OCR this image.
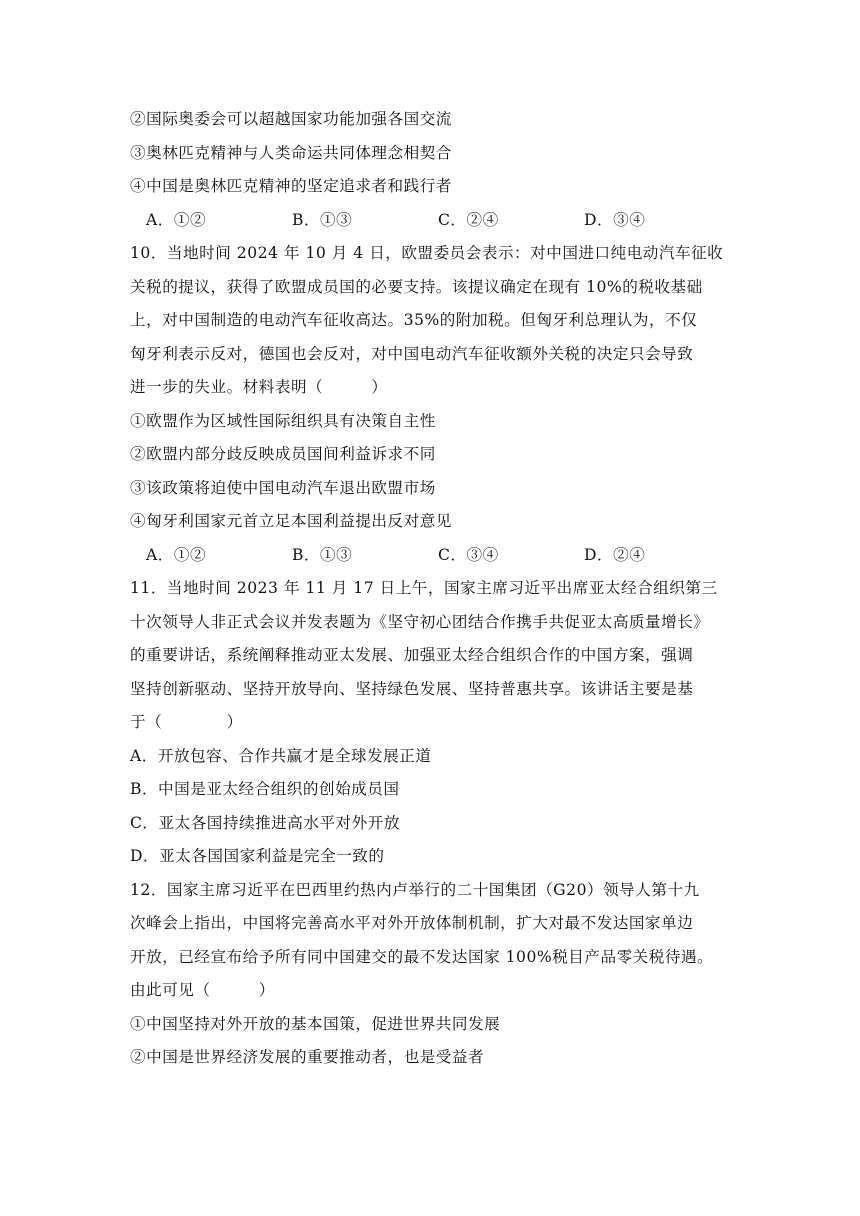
②国际奥委会可以超越国家功能加强各国交流
③奥林匹克精神与人类命运共同体理念相契合
④中国是奥林匹克精神的坚定追求者和践行者
A．①②	B．①③	C．②④	D．③④
10．当地时间 2024 年 10 月 4 日，欧盟委员会表示：对中国进口纯电动汽车征收
关税的提议，获得了欧盟成员国的必要支持。该提议确定在现有 10%的税收基础
上，对中国制造的电动汽车征收高达。35%的附加税。但匈牙利总理认为，不仅
匈牙利表示反对，德国也会反对，对中国电动汽车征收额外关税的决定只会导致
进一步的失业。材料表明（　　　）
①欧盟作为区域性国际组织具有决策自主性
②欧盟内部分歧反映成员国间利益诉求不同
③该政策将迫使中国电动汽车退出欧盟市场
④匈牙利国家元首立足本国利益提出反对意见
A．①②	B．①③	C．③④	D．②④
11．当地时间 2023 年 11 月 17 日上午，国家主席习近平出席亚太经合组织第三
十次领导人非正式会议并发表题为《坚守初心团结合作携手共促亚太高质量增长》
的重要讲话，系统阐释推动亚太发展、加强亚太经合组织合作的中国方案，强调
坚持创新驱动、坚持开放导向、坚持绿色发展、坚持普惠共享。该讲话主要是基
于（　　　　）
A．开放包容、合作共赢才是全球发展正道
B．中国是亚太经合组织的创始成员国
C．亚太各国持续推进高水平对外开放
D．亚太各国国家利益是完全一致的
12．国家主席习近平在巴西里约热内卢举行的二十国集团（G20）领导人第十九
次峰会上指出，中国将完善高水平对外开放体制机制，扩大对最不发达国家单边
开放，已经宣布给予所有同中国建交的最不发达国家 100%税目产品零关税待遇。
由此可见（　　　）
①中国坚持对外开放的基本国策，促进世界共同发展
②中国是世界经济发展的重要推动者，也是受益者
